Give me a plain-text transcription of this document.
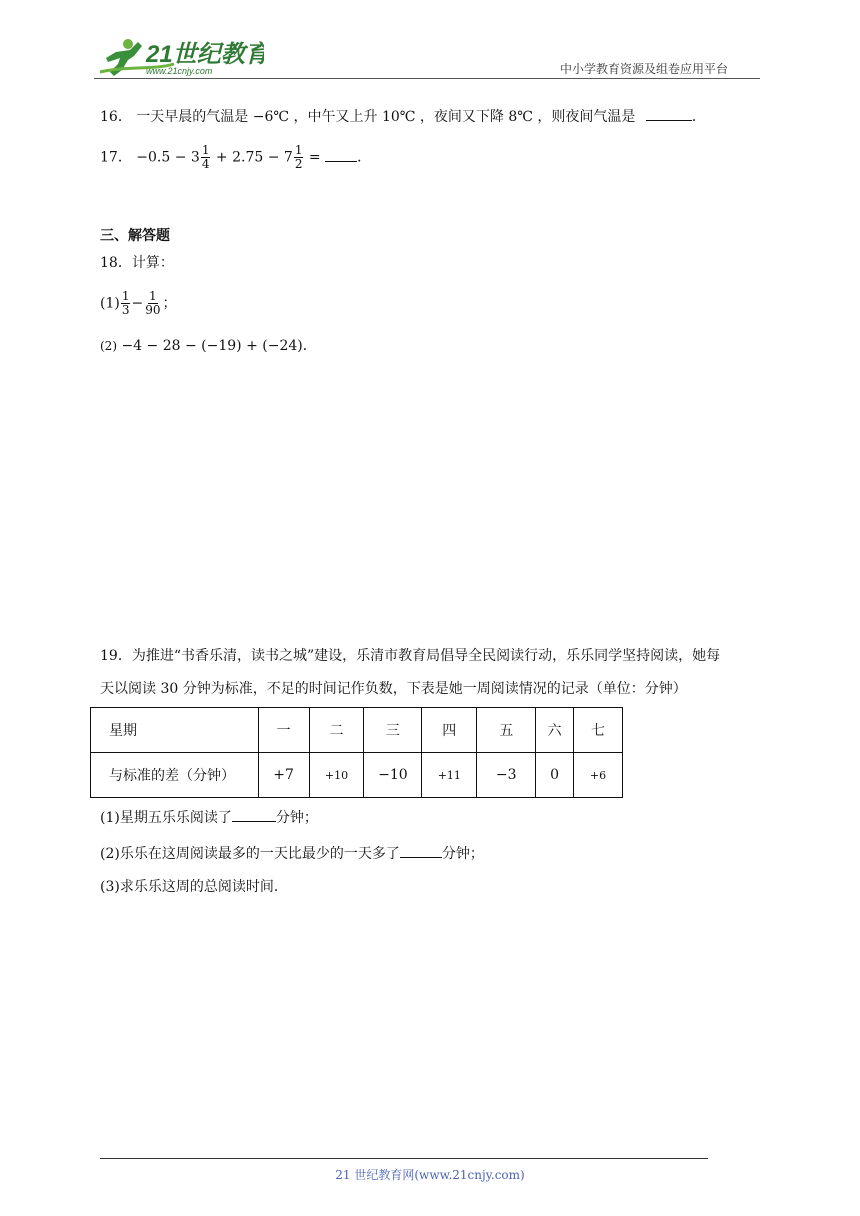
21世纪教育
www.21cnjy.com	中小学教育资源及组卷应用平台
16． 一天早晨的气温是 −6℃ ，中午又上升 10℃ ，夜间又下降 8℃ ，则夜间气温是	．
17． $-0.5 - 3 \frac{1}{4} + 2.75 - 7 \frac{1}{2}$ =	．
三、解答题
18．计算：
$(1) \frac{1}{3} - \frac{1}{90}$ ；
(2) −4 − 28 − (−19) + (−24)．
19．为推进“书香乐清，读书之城”建设，乐清市教育局倡导全民阅读行动，乐乐同学坚持阅读，她每
天以阅读 30 分钟为标准，不足的时间记作负数，下表是她一周阅读情况的记录（单位：分钟）
星期	一	二	三	四	五	六	七
与标准的差（分钟）	+7	+10	−10	+11	−3	0	+6
(1)星期五乐乐阅读了	分钟；
(2)乐乐在这周阅读最多的一天比最少的一天多了	分钟；
(3)求乐乐这周的总阅读时间．
21 世纪教育网(www.21cnjy.com)
